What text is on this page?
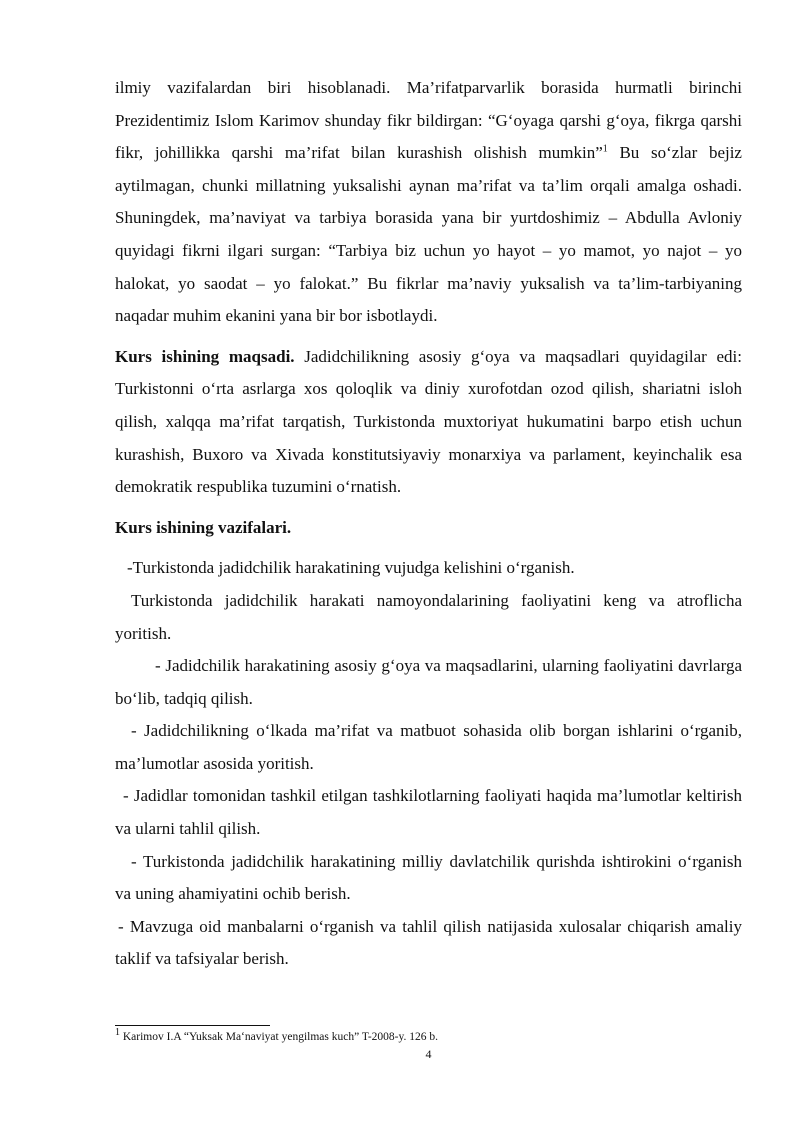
ilmiy vazifalardan biri hisoblanadi. Ma’rifatparvarlik borasida hurmatli birinchi Prezidentimiz Islom Karimov shunday fikr bildirgan: “G‘oyaga qarshi g‘oya, fikrga qarshi fikr, johillikka qarshi ma’rifat bilan kurashish olishish mumkin”$^1$ Bu so‘zlar bejiz aytilmagan, chunki millatning yuksalishi aynan ma’rifat va ta’lim orqali amalga oshadi. Shuningdek, ma’naviyat va tarbiya borasida yana bir yurtdoshimiz – Abdulla Avloniy quyidagi fikrni ilgari surgan: “Tarbiya biz uchun yo hayot – yo mamot, yo najot – yo halokat, yo saodat – yo falokat.” Bu fikrlar ma’naviy yuksalish va ta’lim-tarbiyaning naqadar muhim ekanini yana bir bor isbotlaydi.

Kurs ishining maqsadi. Jadidchilikning asosiy g‘oya va maqsadlari quyidagilar edi: Turkistonni o‘rta asrlarga xos qoloqlik va diniy xurofotdan ozod qilish, shariatni isloh qilish, xalqqa ma’rifat tarqatish, Turkistonda muxtoriyat hukumatini barpo etish uchun kurashish, Buxoro va Xivada konstitutsiyaviy monarxiya va parlament, keyinchalik esa demokratik respublika tuzumini o‘rnatish.

Kurs ishining vazifalari.

-Turkistonda jadidchilik harakatining vujudga kelishini o‘rganish.

Turkistonda jadidchilik harakati namoyondalarining faoliyatini keng va atroflicha yoritish.

- Jadidchilik harakatining asosiy g‘oya va maqsadlarini, ularning faoliyatini davrlarga bo‘lib, tadqiq qilish.

- Jadidchilikning o‘lkada ma’rifat va matbuot sohasida olib borgan ishlarini o‘rganib, ma’lumotlar asosida yoritish.

- Jadidlar tomonidan tashkil etilgan tashkilotlarning faoliyati haqida ma’lumotlar keltirish va ularni tahlil qilish.

- Turkistonda jadidchilik harakatining milliy davlatchilik qurishda ishtirokini o‘rganish va uning ahamiyatini ochib berish.

- Mavzuga oid manbalarni o‘rganish va tahlil qilish natijasida xulosalar chiqarish amaliy taklif va tafsiyalar berish.

$^1$ Karimov I.A “Yuksak Ma‘naviyat yengilmas kuch” T-2008-y. 126 b.
4
